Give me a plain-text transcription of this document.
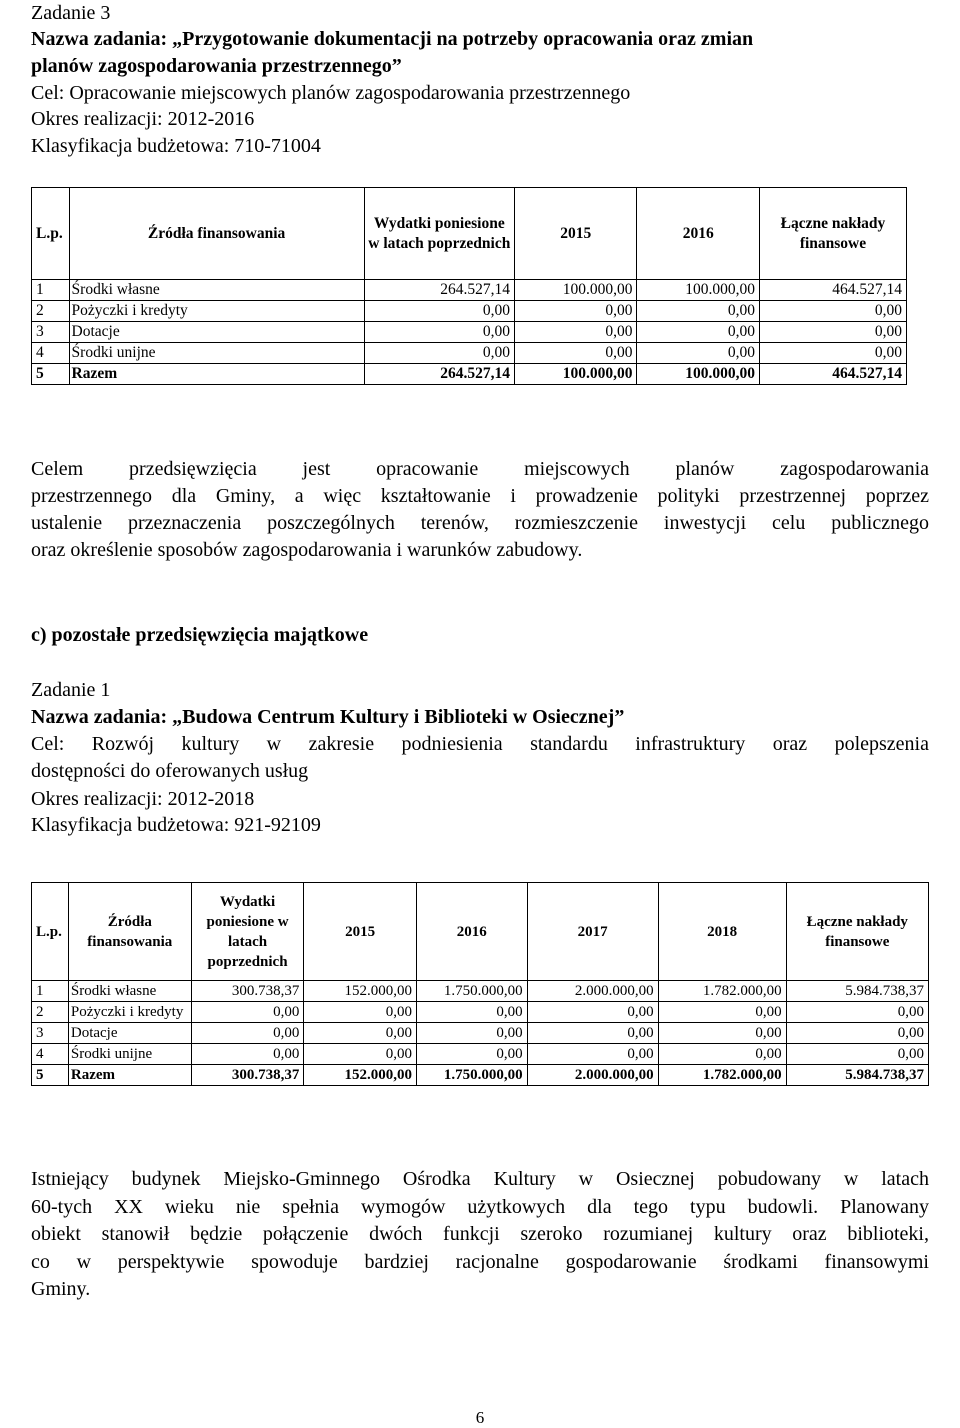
Zadanie 3
Nazwa zadania: „Przygotowanie dokumentacji na potrzeby opracowania oraz zmian
planów zagospodarowania przestrzennego”
Cel: Opracowanie miejscowych planów zagospodarowania przestrzennego
Okres realizacji: 2012-2016
Klasyfikacja budżetowa: 710-71004
L.p.	Źródła finansowania	Wydatki poniesione w latach poprzednich	2015	2016	Łączne nakłady finansowe
1	Środki własne	264.527,14	100.000,00	100.000,00	464.527,14
2	Pożyczki i kredyty	0,00	0,00	0,00	0,00
3	Dotacje	0,00	0,00	0,00	0,00
4	Środki unijne	0,00	0,00	0,00	0,00
5	Razem	264.527,14	100.000,00	100.000,00	464.527,14
Celem przedsięwzięcia jest opracowanie miejscowych planów zagospodarowania
przestrzennego dla Gminy, a więc kształtowanie i prowadzenie polityki przestrzennej poprzez
ustalenie przeznaczenia poszczególnych terenów, rozmieszczenie inwestycji celu publicznego
oraz określenie sposobów zagospodarowania i warunków zabudowy.
c) pozostałe przedsięwzięcia majątkowe
Zadanie 1
Nazwa zadania: „Budowa Centrum Kultury i Biblioteki w Osiecznej”
Cel: Rozwój kultury w zakresie podniesienia standardu infrastruktury oraz polepszenia
dostępności do oferowanych usług
Okres realizacji: 2012-2018
Klasyfikacja budżetowa: 921-92109
L.p.	Źródła finansowania	Wydatki poniesione w latach poprzednich	2015	2016	2017	2018	Łączne nakłady finansowe
1	Środki własne	300.738,37	152.000,00	1.750.000,00	2.000.000,00	1.782.000,00	5.984.738,37
2	Pożyczki i kredyty	0,00	0,00	0,00	0,00	0,00	0,00
3	Dotacje	0,00	0,00	0,00	0,00	0,00	0,00
4	Środki unijne	0,00	0,00	0,00	0,00	0,00	0,00
5	Razem	300.738,37	152.000,00	1.750.000,00	2.000.000,00	1.782.000,00	5.984.738,37
Istniejący budynek Miejsko-Gminnego Ośrodka Kultury w Osiecznej pobudowany w latach
60-tych XX wieku nie spełnia wymogów użytkowych dla tego typu budowli. Planowany
obiekt stanowił będzie połączenie dwóch funkcji szeroko rozumianej kultury oraz biblioteki,
co w perspektywie spowoduje bardziej racjonalne gospodarowanie środkami finansowymi
Gminy.
6
